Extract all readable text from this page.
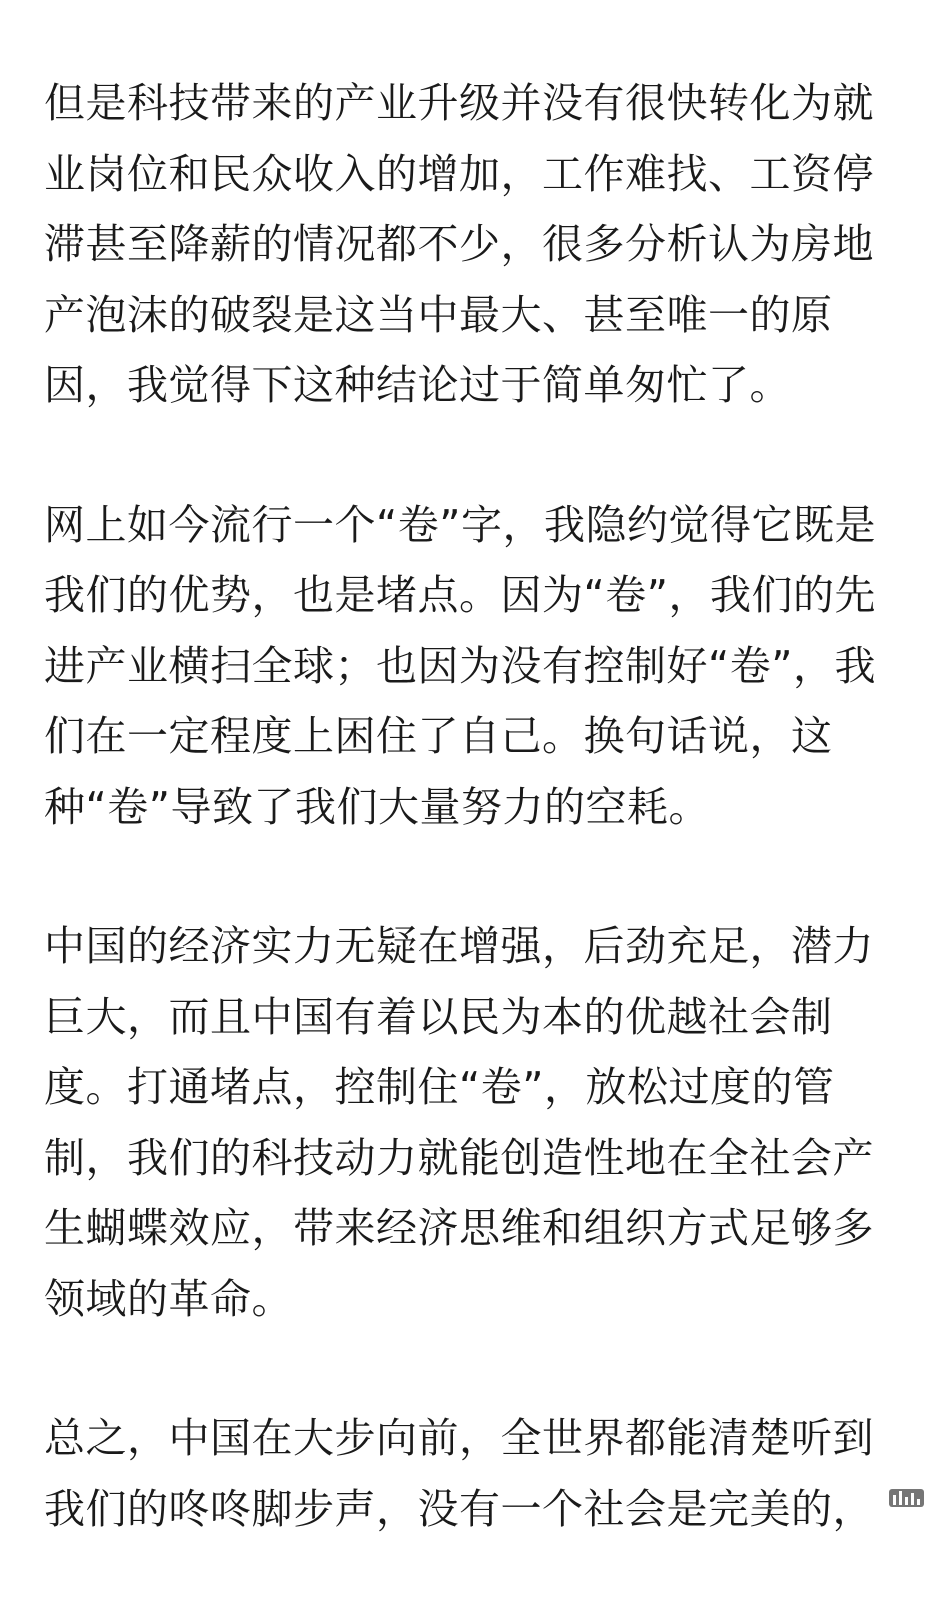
但是科技带来的产业升级并没有很快转化为就业岗位和民众收入的增加，工作难找、工资停滞甚至降薪的情况都不少，很多分析认为房地产泡沫的破裂是这当中最大、甚至唯一的原因，我觉得下这种结论过于简单匆忙了。

网上如今流行一个“卷”字，我隐约觉得它既是我们的优势，也是堵点。因为“卷”，我们的先进产业横扫全球；也因为没有控制好“卷”，我们在一定程度上困住了自己。换句话说，这种“卷”导致了我们大量努力的空耗。

中国的经济实力无疑在增强，后劲充足，潜力巨大，而且中国有着以民为本的优越社会制度。打通堵点，控制住“卷”，放松过度的管制，我们的科技动力就能创造性地在全社会产生蝴蝶效应，带来经济思维和组织方式足够多领域的革命。

总之，中国在大步向前，全世界都能清楚听到我们的咚咚脚步声，没有一个社会是完美的，
